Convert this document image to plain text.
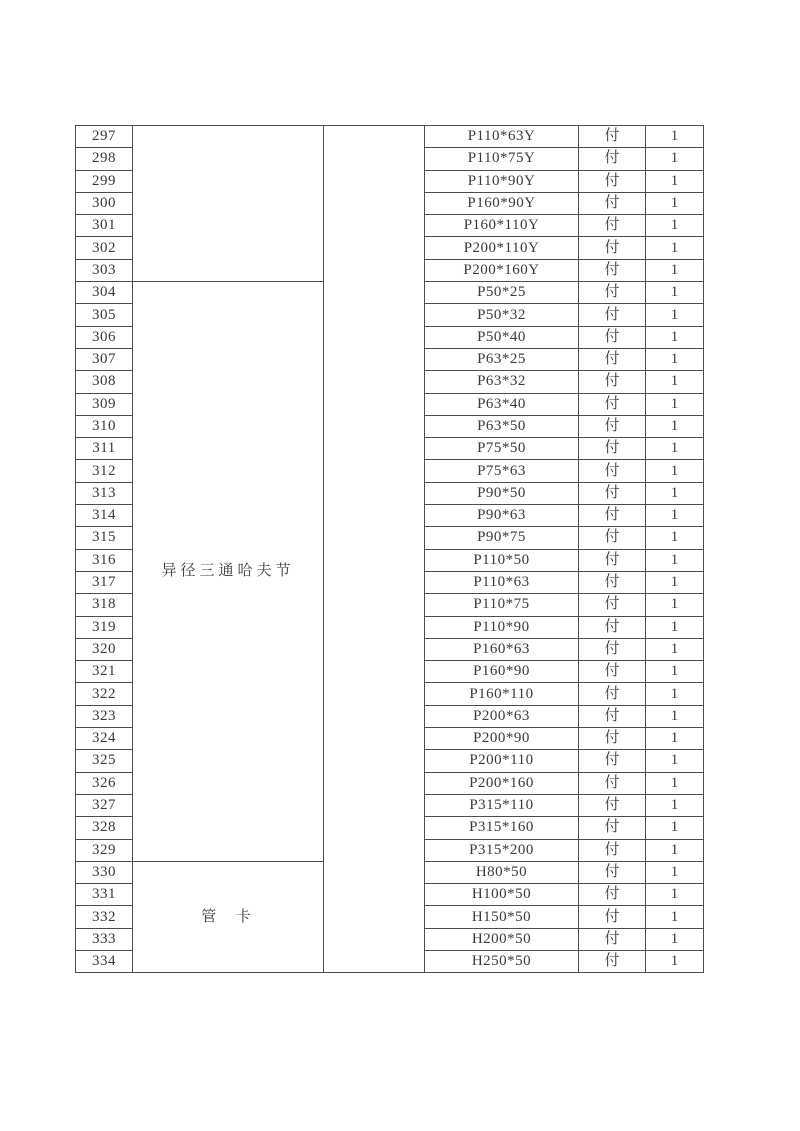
297			P110*63Y	付	1
298			P110*75Y	付	1
299			P110*90Y	付	1
300			P160*90Y	付	1
301			P160*110Y	付	1
302			P200*110Y	付	1
303			P200*160Y	付	1
304	异径三通哈夫节		P50*25	付	1
305			P50*32	付	1
306			P50*40	付	1
307			P63*25	付	1
308			P63*32	付	1
309			P63*40	付	1
310			P63*50	付	1
311			P75*50	付	1
312			P75*63	付	1
313			P90*50	付	1
314			P90*63	付	1
315			P90*75	付	1
316			P110*50	付	1
317			P110*63	付	1
318			P110*75	付	1
319			P110*90	付	1
320			P160*63	付	1
321			P160*90	付	1
322			P160*110	付	1
323			P200*63	付	1
324			P200*90	付	1
325			P200*110	付	1
326			P200*160	付	1
327			P315*110	付	1
328			P315*160	付	1
329			P315*200	付	1
330	管  卡		H80*50	付	1
331			H100*50	付	1
332			H150*50	付	1
333			H200*50	付	1
334			H250*50	付	1
